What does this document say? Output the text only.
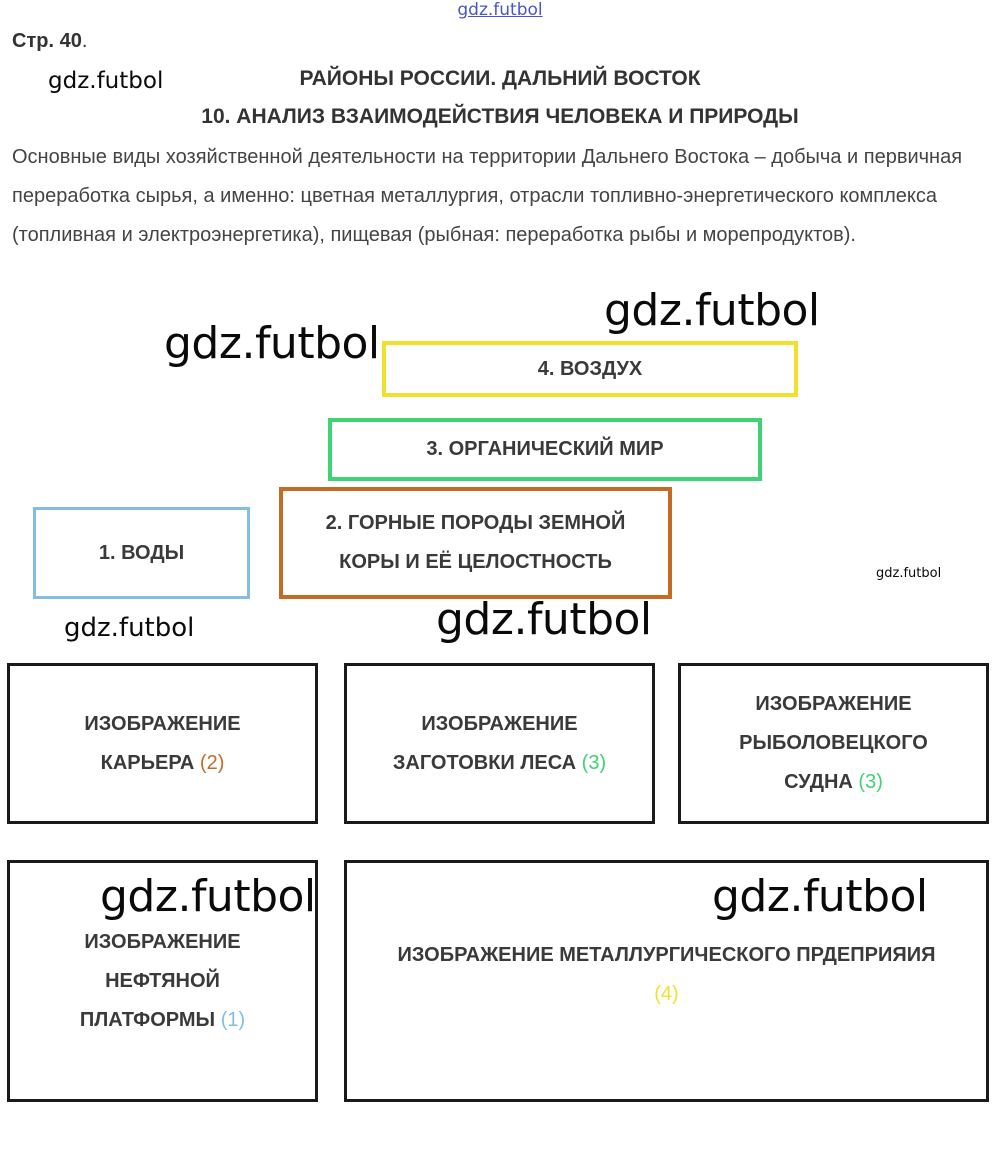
gdz.futbol
gdz.futbol
gdz.futbol
gdz.futbol
gdz.futbol
gdz.futbol	gdz.futbol
Стр. 40.
РАЙОНЫ РОССИИ. ДАЛЬНИЙ ВОСТОК
10. АНАЛИЗ ВЗАИМОДЕЙСТВИЯ ЧЕЛОВЕКА И ПРИРОДЫ
Основные виды хозяйственной деятельности на территории Дальнего Востока – добыча и первичная переработка сырья, а именно: цветная металлургия, отрасли топливно-энергетического комплекса (топливная и электроэнергетика), пищевая (рыбная: переработка рыбы и морепродуктов).
4. ВОЗДУХ
3. ОРГАНИЧЕСКИЙ МИР
1. ВОДЫ
2. ГОРНЫЕ ПОРОДЫ ЗЕМНОЙ
КОРЫ И ЕЁ ЦЕЛОСТНОСТЬ
ИЗОБРАЖЕНИЕ
КАРЬЕРА (2)
ИЗОБРАЖЕНИЕ
ЗАГОТОВКИ ЛЕСА (3)
ИЗОБРАЖЕНИЕ
РЫБОЛОВЕЦКОГО
СУДНА (3)
ИЗОБРАЖЕНИЕ
НЕФТЯНОЙ
ПЛАТФОРМЫ (1)
ИЗОБРАЖЕНИЕ МЕТАЛЛУРГИЧЕСКОГО ПРДЕПРИЯИЯ
(4)
gdz.futbol	gdz.futbol
